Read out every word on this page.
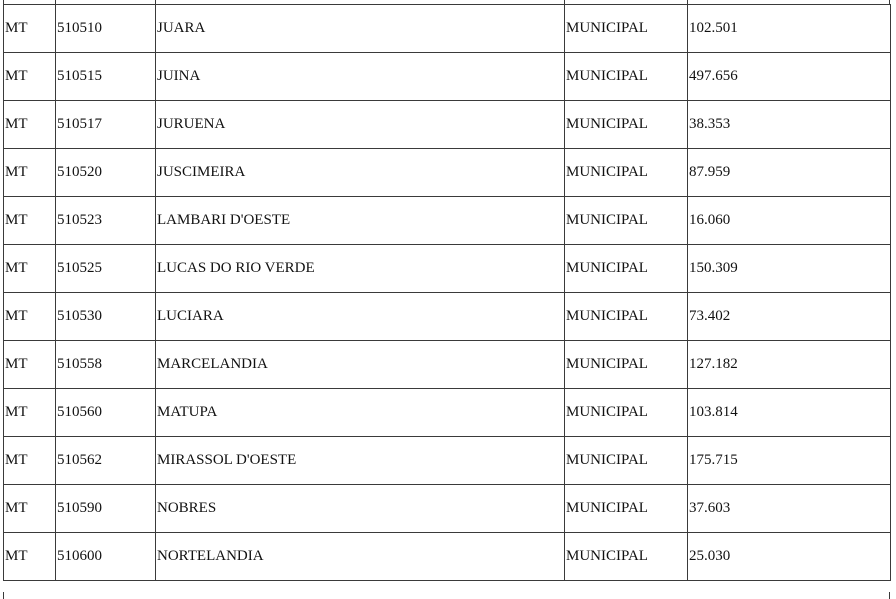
MT	510510	JUARA	MUNICIPAL	102.501
MT	510515	JUINA	MUNICIPAL	497.656
MT	510517	JURUENA	MUNICIPAL	38.353
MT	510520	JUSCIMEIRA	MUNICIPAL	87.959
MT	510523	LAMBARI D'OESTE	MUNICIPAL	16.060
MT	510525	LUCAS DO RIO VERDE	MUNICIPAL	150.309
MT	510530	LUCIARA	MUNICIPAL	73.402
MT	510558	MARCELANDIA	MUNICIPAL	127.182
MT	510560	MATUPA	MUNICIPAL	103.814
MT	510562	MIRASSOL D'OESTE	MUNICIPAL	175.715
MT	510590	NOBRES	MUNICIPAL	37.603
MT	510600	NORTELANDIA	MUNICIPAL	25.030
